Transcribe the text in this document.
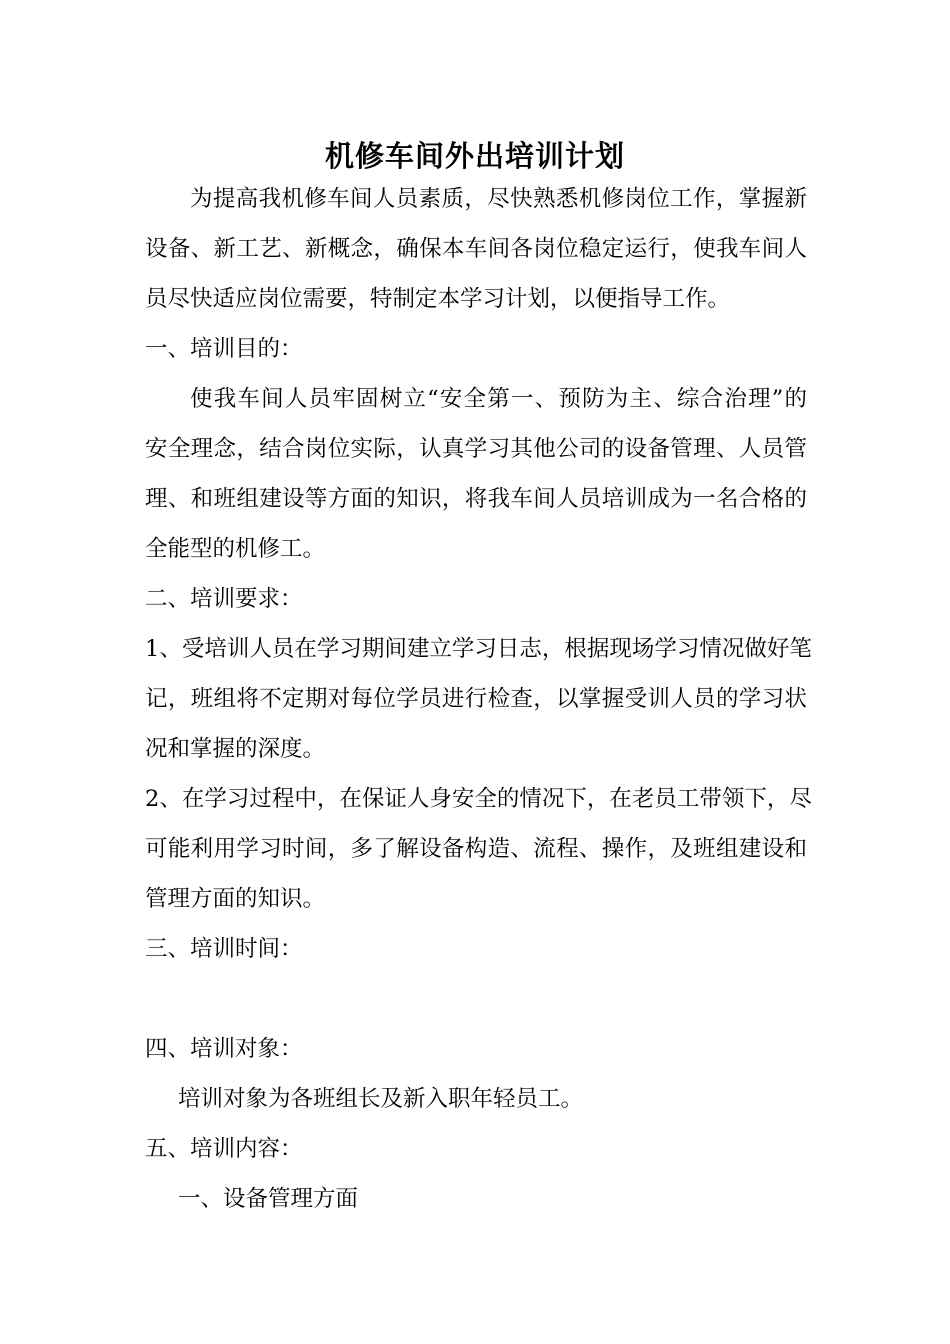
机修车间外出培训计划
为提高我机修车间人员素质，尽快熟悉机修岗位工作，掌握新
设备、新工艺、新概念，确保本车间各岗位稳定运行，使我车间人
员尽快适应岗位需要，特制定本学习计划，以便指导工作。
一、培训目的：
使我车间人员牢固树立“安全第一、预防为主、综合治理”的
安全理念，结合岗位实际，认真学习其他公司的设备管理、人员管
理、和班组建设等方面的知识，将我车间人员培训成为一名合格的
全能型的机修工。
二、培训要求：
1、受培训人员在学习期间建立学习日志，根据现场学习情况做好笔
记，班组将不定期对每位学员进行检查，以掌握受训人员的学习状
况和掌握的深度。
2、在学习过程中，在保证人身安全的情况下，在老员工带领下，尽
可能利用学习时间，多了解设备构造、流程、操作，及班组建设和
管理方面的知识。
三、培训时间：
四、培训对象：
培训对象为各班组长及新入职年轻员工。
五、培训内容：
一、设备管理方面
